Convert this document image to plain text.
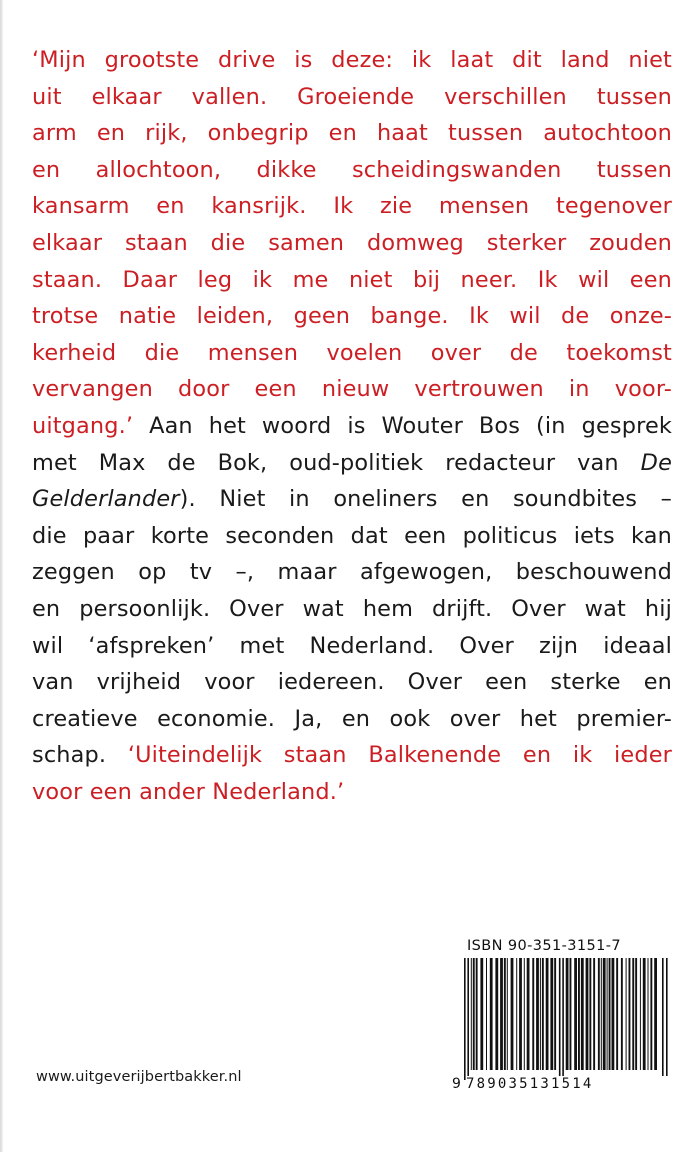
‘Mijn grootste drive is deze: ik laat dit land niet
uit elkaar vallen. Groeiende verschillen tussen
arm en rijk, onbegrip en haat tussen autochtoon
en allochtoon, dikke scheidingswanden tussen
kansarm en kansrijk. Ik zie mensen tegenover
elkaar staan die samen domweg sterker zouden
staan. Daar leg ik me niet bij neer. Ik wil een
trotse natie leiden, geen bange. Ik wil de onze-
kerheid die mensen voelen over de toekomst
vervangen door een nieuw vertrouwen in voor-
uitgang.’ Aan het woord is Wouter Bos (in gesprek
met Max de Bok, oud-politiek redacteur van De
Gelderlander). Niet in oneliners en soundbites –
die paar korte seconden dat een politicus iets kan
zeggen op tv –, maar afgewogen, beschouwend
en persoonlijk. Over wat hem drijft. Over wat hij
wil ‘afspreken’ met Nederland. Over zijn ideaal
van vrijheid voor iedereen. Over een sterke en
creatieve economie. Ja, en ook over het premier-
schap. ‘Uiteindelijk staan Balkenende en ik ieder
voor een ander Nederland.’
ISBN 90-351-3151-7
9 789035131514
www.uitgeverijbertbakker.nl
